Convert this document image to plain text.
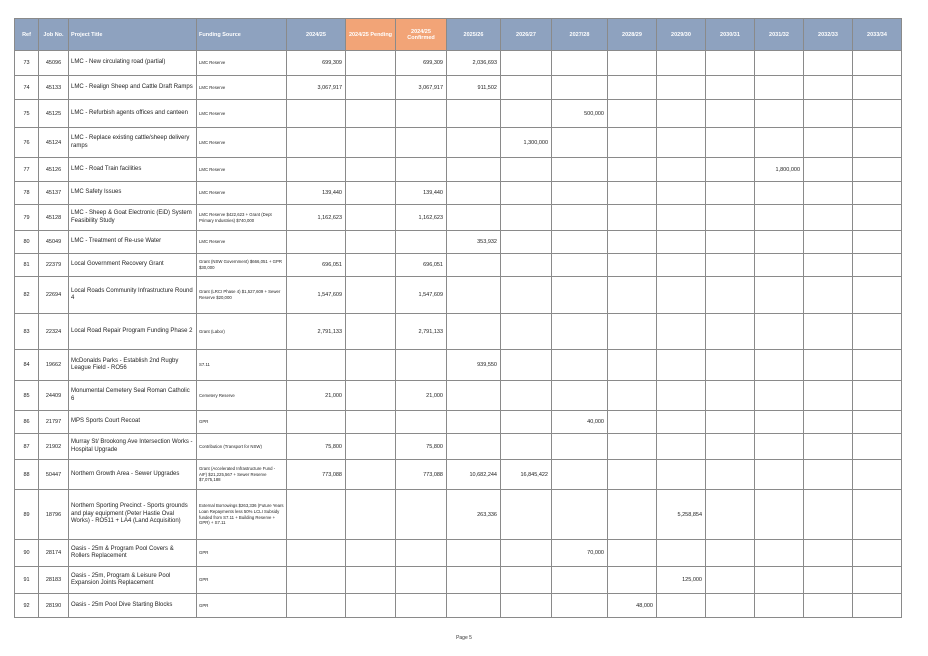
Ref	Job No.	Project Title	Funding Source	2024/25	2024/25 Pending	2024/25 Confirmed	2025/26	2026/27	2027/28	2028/29	2029/30	2030/31	2031/32	2032/33	2033/34
73	45096	LMC - New circulating road (partial)	LMC Reserve	699,309		699,309	2,036,693								
74	45133	LMC - Realign Sheep and Cattle Draft Ramps	LMC Reserve	3,067,917		3,067,917	911,502								
75	45125	LMC - Refurbish agents offices and canteen	LMC Reserve						500,000						
76	45124	LMC - Replace existing cattle/sheep delivery ramps	LMC Reserve					1,300,000							
77	45126	LMC - Road Train facilities	LMC Reserve										1,800,000		
78	45137	LMC Safety Issues	LMC Reserve	139,440		139,440									
79	45128	LMC - Sheep & Goat Electronic (EiD) System Feasibility Study	LMC Reserve $422,623 + Grant (Dept Primary Industries) $740,000	1,162,623		1,162,623									
80	45049	LMC - Treatment of Re-use Water	LMC Reserve				353,932								
81	22379	Local Government Recovery Grant	Grant (NSW Government) $666,051 + GPR $30,000	696,051		696,051									
82	22694	Local Roads Community Infrastructure Round 4	Grant (LRCI Phase 4) $1,527,609 + Sewer Reserve $20,000	1,547,609		1,547,609									
83	22324	Local Road Repair Program Funding Phase 2	Grant (Labor)	2,791,133		2,791,133									
84	19662	McDonalds Parks - Establish 2nd Rugby League Field - RO56	S7.11				939,550								
85	24409	Monumental Cemetery Seal Roman Catholic 6	Cemetery Reserve	21,000		21,000									
86	21797	MPS Sports Court Recoat	GPR						40,000						
87	21902	Murray St/ Brookong Ave Intersection Works - Hospital Upgrade	Contribution (Transport for NSW)	75,800		75,800									
88	50447	Northern Growth Area - Sewer Upgrades	Grant (Accelerated Infrastructure Fund - AIF) $21,225,567 + Sewer Reserve $7,075,188	773,088		773,088	10,682,244	16,845,422							
89	18796	Northern Sporting Precinct - Sports grounds and play equipment (Peter Hastie Oval Works) - RO511 + LA4 (Land Acquisition)	External Borrowings $263,336 (Future Years Loan Repayments less 50% LCLI Subsidy funded from S7.11 + Building Reserve + GPR) + S7.11				263,336				5,258,854				
90	28174	Oasis - 25m & Program Pool Covers & Rollers Replacement	GPR						70,000						
91	28183	Oasis - 25m, Program & Leisure Pool Expansion Joints Replacement	GPR								125,000				
92	28190	Oasis - 25m Pool Dive Starting Blocks	GPR							48,000					
Page 5
